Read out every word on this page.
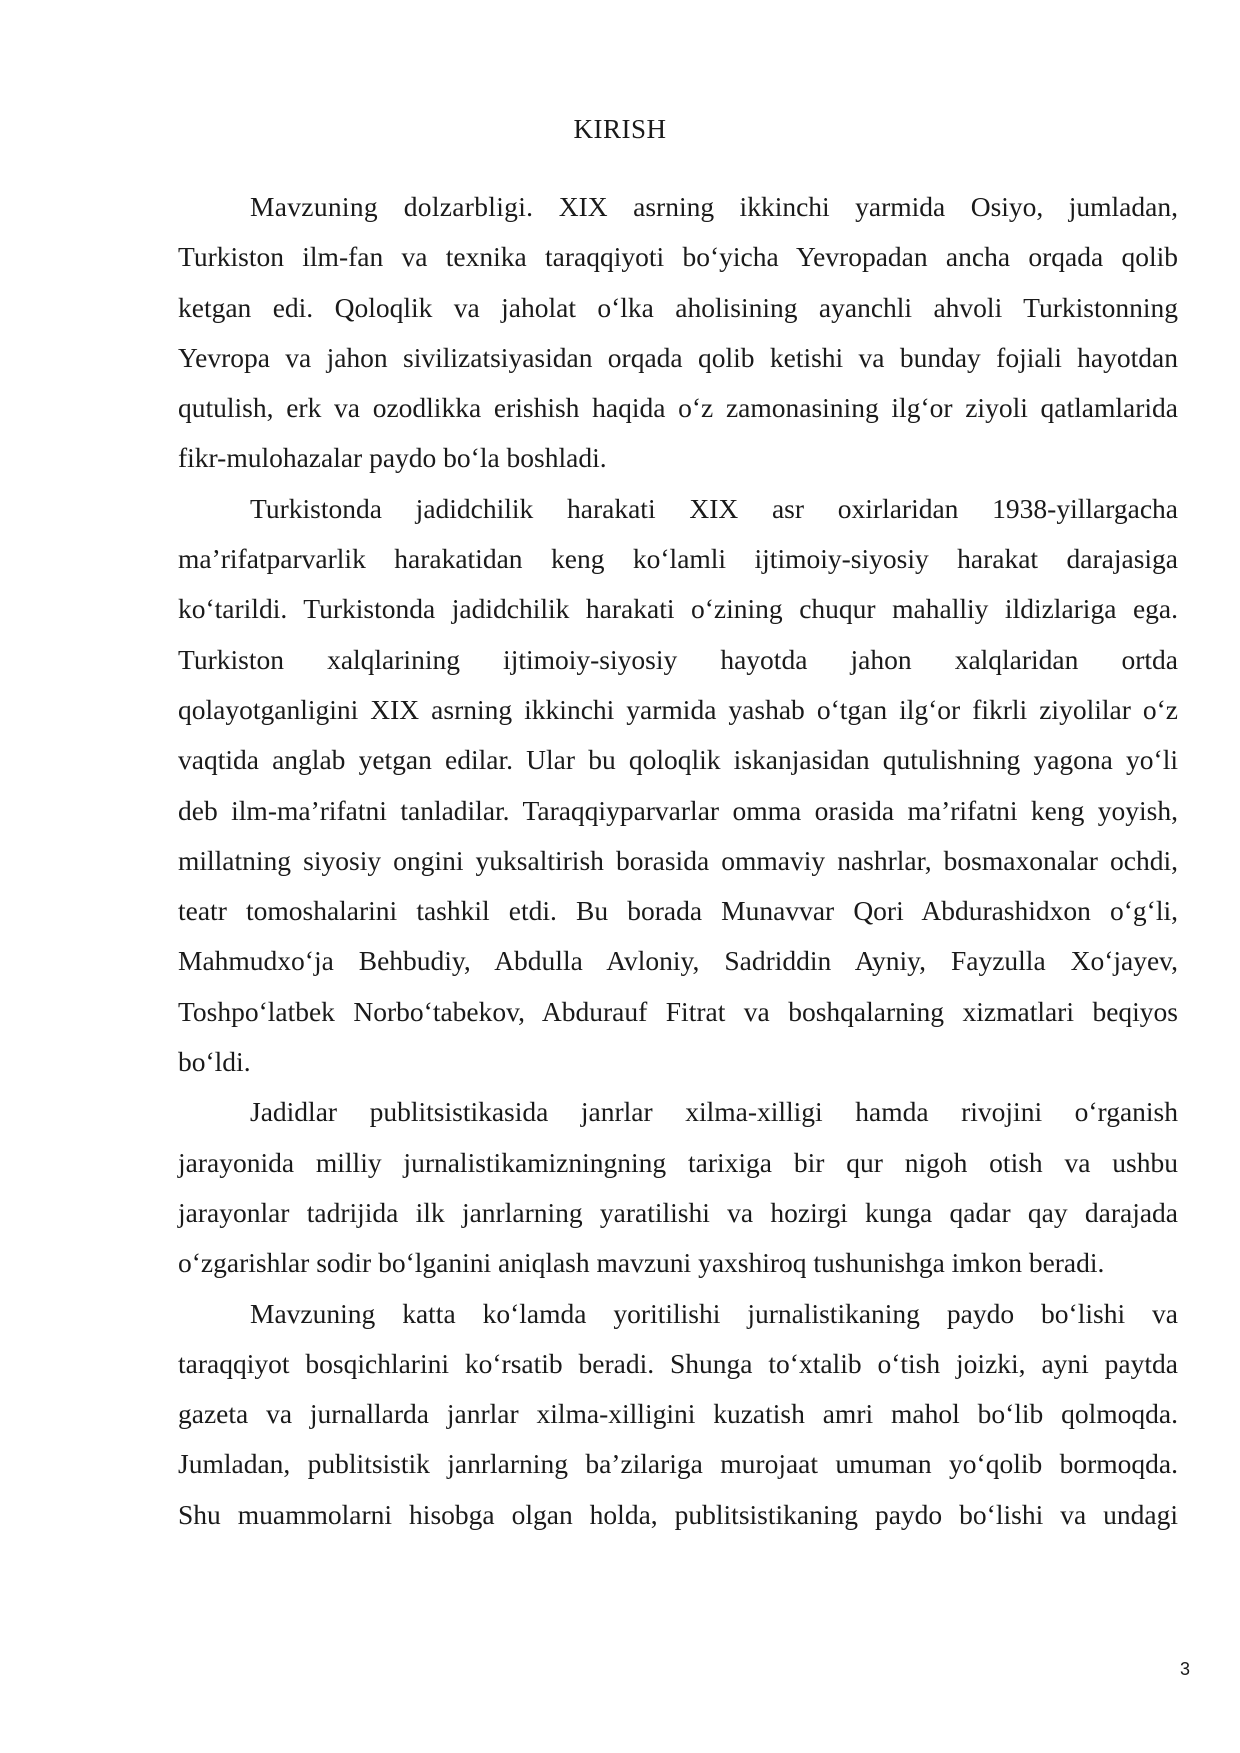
KIRISH

Mavzuning dolzarbligi. XIX asrning ikkinchi yarmida Osiyo, jumladan,
Turkiston ilm-fan va texnika taraqqiyoti bo‘yicha Yevropadan ancha orqada qolib
ketgan edi. Qoloqlik va jaholat o‘lka aholisining ayanchli ahvoli Turkistonning
Yevropa va jahon sivilizatsiyasidan orqada qolib ketishi va bunday fojiali hayotdan
qutulish, erk va ozodlikka erishish haqida o‘z zamonasining ilg‘or ziyoli qatlamlarida
fikr-mulohazalar paydo bo‘la boshladi.

Turkistonda jadidchilik harakati XIX asr oxirlaridan 1938-yillargacha
ma’rifatparvarlik harakatidan keng ko‘lamli ijtimoiy-siyosiy harakat darajasiga
ko‘tarildi. Turkistonda jadidchilik harakati o‘zining chuqur mahalliy ildizlariga ega.
Turkiston xalqlarining ijtimoiy-siyosiy hayotda jahon xalqlaridan ortda
qolayotganligini XIX asrning ikkinchi yarmida yashab o‘tgan ilg‘or fikrli ziyolilar o‘z
vaqtida anglab yetgan edilar. Ular bu qoloqlik iskanjasidan qutulishning yagona yo‘li
deb ilm-ma’rifatni tanladilar. Taraqqiyparvarlar omma orasida ma’rifatni keng yoyish,
millatning siyosiy ongini yuksaltirish borasida ommaviy nashrlar, bosmaxonalar ochdi,
teatr tomoshalarini tashkil etdi. Bu borada Munavvar Qori Abdurashidxon o‘g‘li,
Mahmudxo‘ja Behbudiy, Abdulla Avloniy, Sadriddin Ayniy, Fayzulla Xo‘jayev,
Toshpo‘latbek Norbo‘tabekov, Abdurauf Fitrat va boshqalarning xizmatlari beqiyos
bo‘ldi.

Jadidlar publitsistikasida janrlar xilma-xilligi hamda rivojini o‘rganish
jarayonida milliy jurnalistikamizningning tarixiga bir qur nigoh otish va ushbu
jarayonlar tadrijida ilk janrlarning yaratilishi va hozirgi kunga qadar qay darajada
o‘zgarishlar sodir bo‘lganini aniqlash mavzuni yaxshiroq tushunishga imkon beradi.

Mavzuning katta ko‘lamda yoritilishi jurnalistikaning paydo bo‘lishi va
taraqqiyot bosqichlarini ko‘rsatib beradi. Shunga to‘xtalib o‘tish joizki, ayni paytda
gazeta va jurnallarda janrlar xilma-xilligini kuzatish amri mahol bo‘lib qolmoqda.
Jumladan, publitsistik janrlarning ba’zilariga murojaat umuman yo‘qolib bormoqda.
Shu muammolarni hisobga olgan holda, publitsistikaning paydo bo‘lishi va undagi

3
